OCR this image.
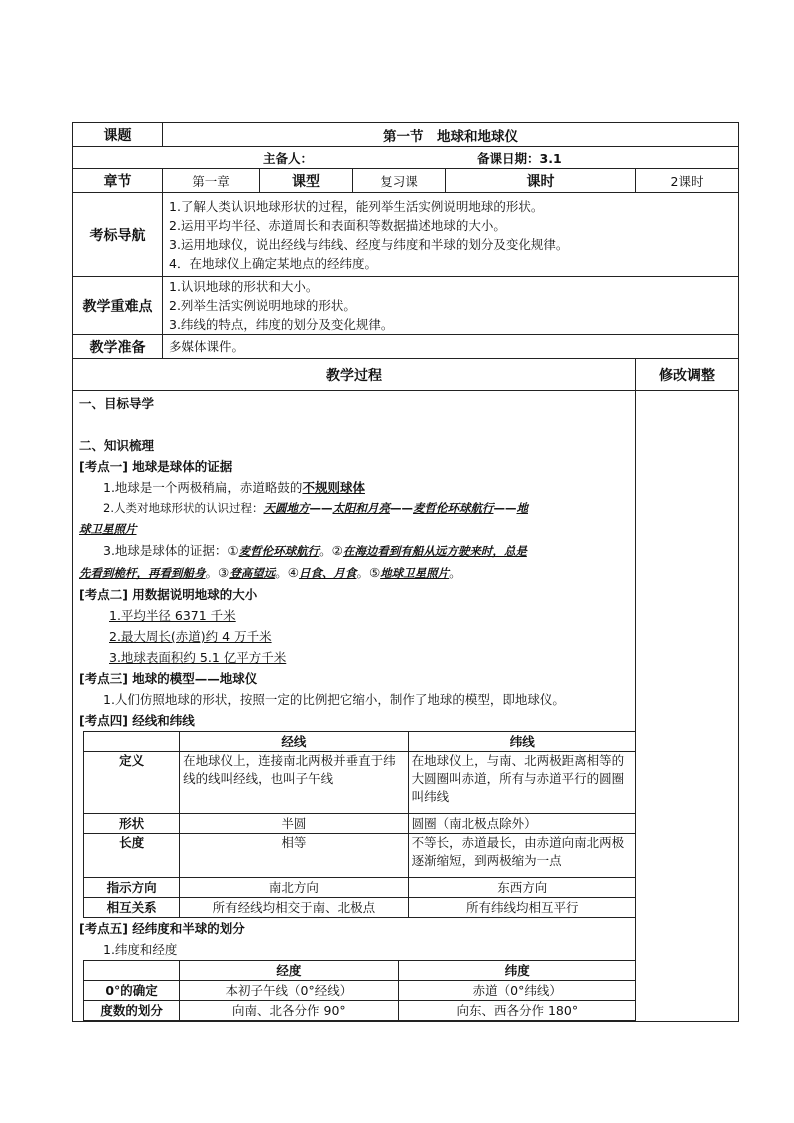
课题	第一节　地球和地球仪
主备人：	备课日期：3.1
章节	第一章	课型	复习课	课时	2课时
考标导航	
1.了解人类认识地球形状的过程，能列举生活实例说明地球的形状。
2.运用平均半径、赤道周长和表面积等数据描述地球的大小。
3.运用地球仪，说出经线与纬线、经度与纬度和半球的划分及变化规律。
4．在地球仪上确定某地点的经纬度。

教学重难点	
1.认识地球的形状和大小。
2.列举生活实例说明地球的形状。
3.纬线的特点，纬度的划分及变化规律。

教学准备	多媒体课件。
教学过程	修改调整

一、目标导学

二、知识梳理

[考点一] 地球是球体的证据

1.地球是一个两极稍扁，赤道略鼓的不规则球体

2.人类对地球形状的认识过程：天圆地方——太阳和月亮——麦哲伦环球航行——地

球卫星照片

3.地球是球体的证据：①麦哲伦环球航行。②在海边看到有船从远方驶来时，总是

先看到桅杆，再看到船身。③登高望远。④日食、月食。⑤地球卫星照片。

[考点二] 用数据说明地球的大小

1.平均半径 6371 千米

2.最大周长(赤道)约 4 万千米

3.地球表面积约 5.1 亿平方千米

[考点三] 地球的模型——地球仪

1.人们仿照地球的形状，按照一定的比例把它缩小，制作了地球的模型，即地球仪。

[考点四] 经线和纬线

	经线	纬线
定义	在地球仪上，连接南北两极并垂直于纬线的线叫经线，也叫子午线	在地球仪上，与南、北两极距离相等的大圆圈叫赤道，所有与赤道平行的圆圈叫纬线
形状	半圆	圆圈（南北极点除外）
长度	相等	不等长，赤道最长，由赤道向南北两极逐渐缩短，到两极缩为一点
指示方向	南北方向	东西方向
相互关系	所有经线均相交于南、北极点	所有纬线均相互平行

[考点五] 经纬度和半球的划分

1.纬度和经度

	经度	纬度
0°的确定	本初子午线（0°经线）	赤道（0°纬线）
度数的划分	向南、北各分作 90°	向东、西各分作 180°
